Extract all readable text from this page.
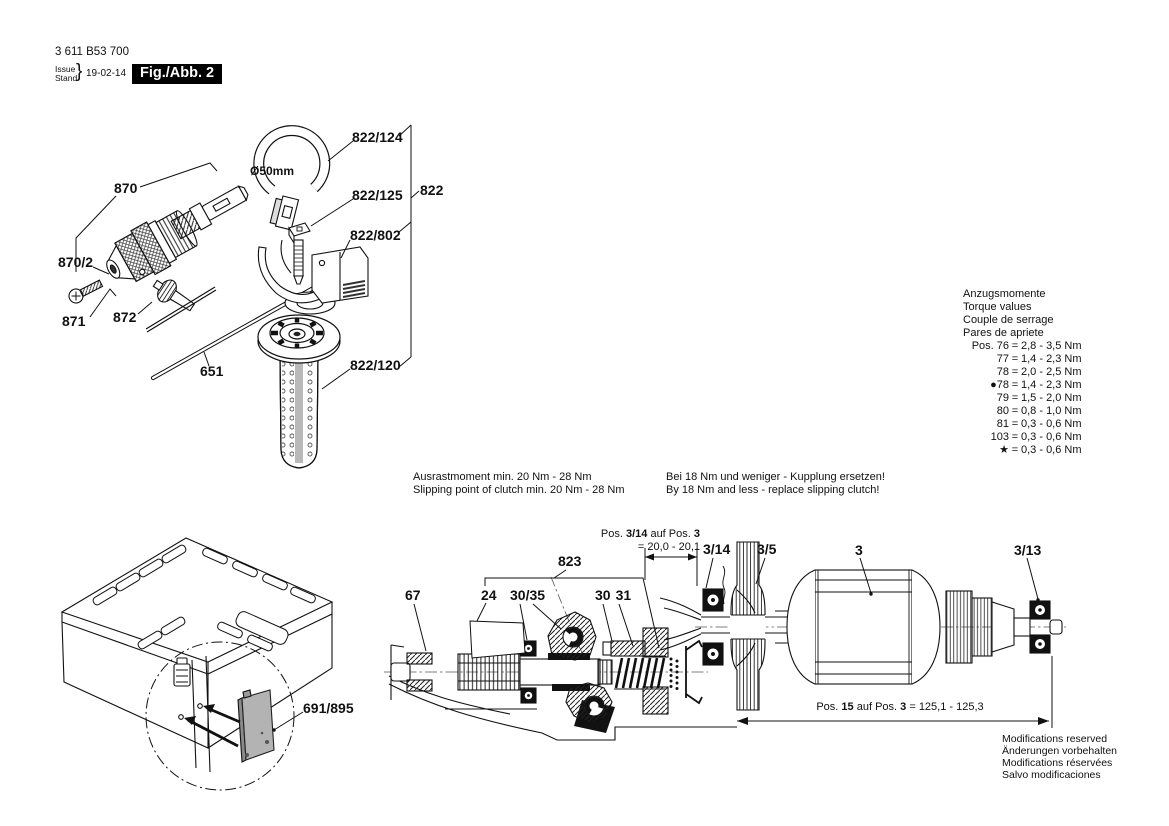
3 611 B53 700
Issue
Stand
} 19-02-14 Fig./Abb. 2
870
870/2
871 872
651
Ø50mm
822/124
822/125 822
822/802
822/120
Anzugsmomente
Torque values
Couple de serrage
Pares de apriete
Pos. 76 = 2,8 - 3,5 Nm
77 = 1,4 - 2,3 Nm
78 = 2,0 - 2,5 Nm
●78 = 1,4 - 2,3 Nm
79 = 1,5 - 2,0 Nm
80 = 0,8 - 1,0 Nm
81 = 0,3 - 0,6 Nm
103 = 0,3 - 0,6 Nm
★ = 0,3 - 0,6 Nm
Ausrastmoment min. 20 Nm - 28 Nm
Slipping point of clutch min. 20 Nm - 28 Nm
Bei 18 Nm und weniger - Kupplung ersetzen!
By 18 Nm and less - replace slipping clutch!
823
67	24 30/35	30 31
3/14 3/5	3	3/13
Pos. 3/14 auf Pos. 3
= 20,0 - 20,1
Pos. 15 auf Pos. 3 = 125,1 - 125,3
691/895
Modifications reserved
Änderungen vorbehalten
Modifications réservées
Salvo modificaciones
